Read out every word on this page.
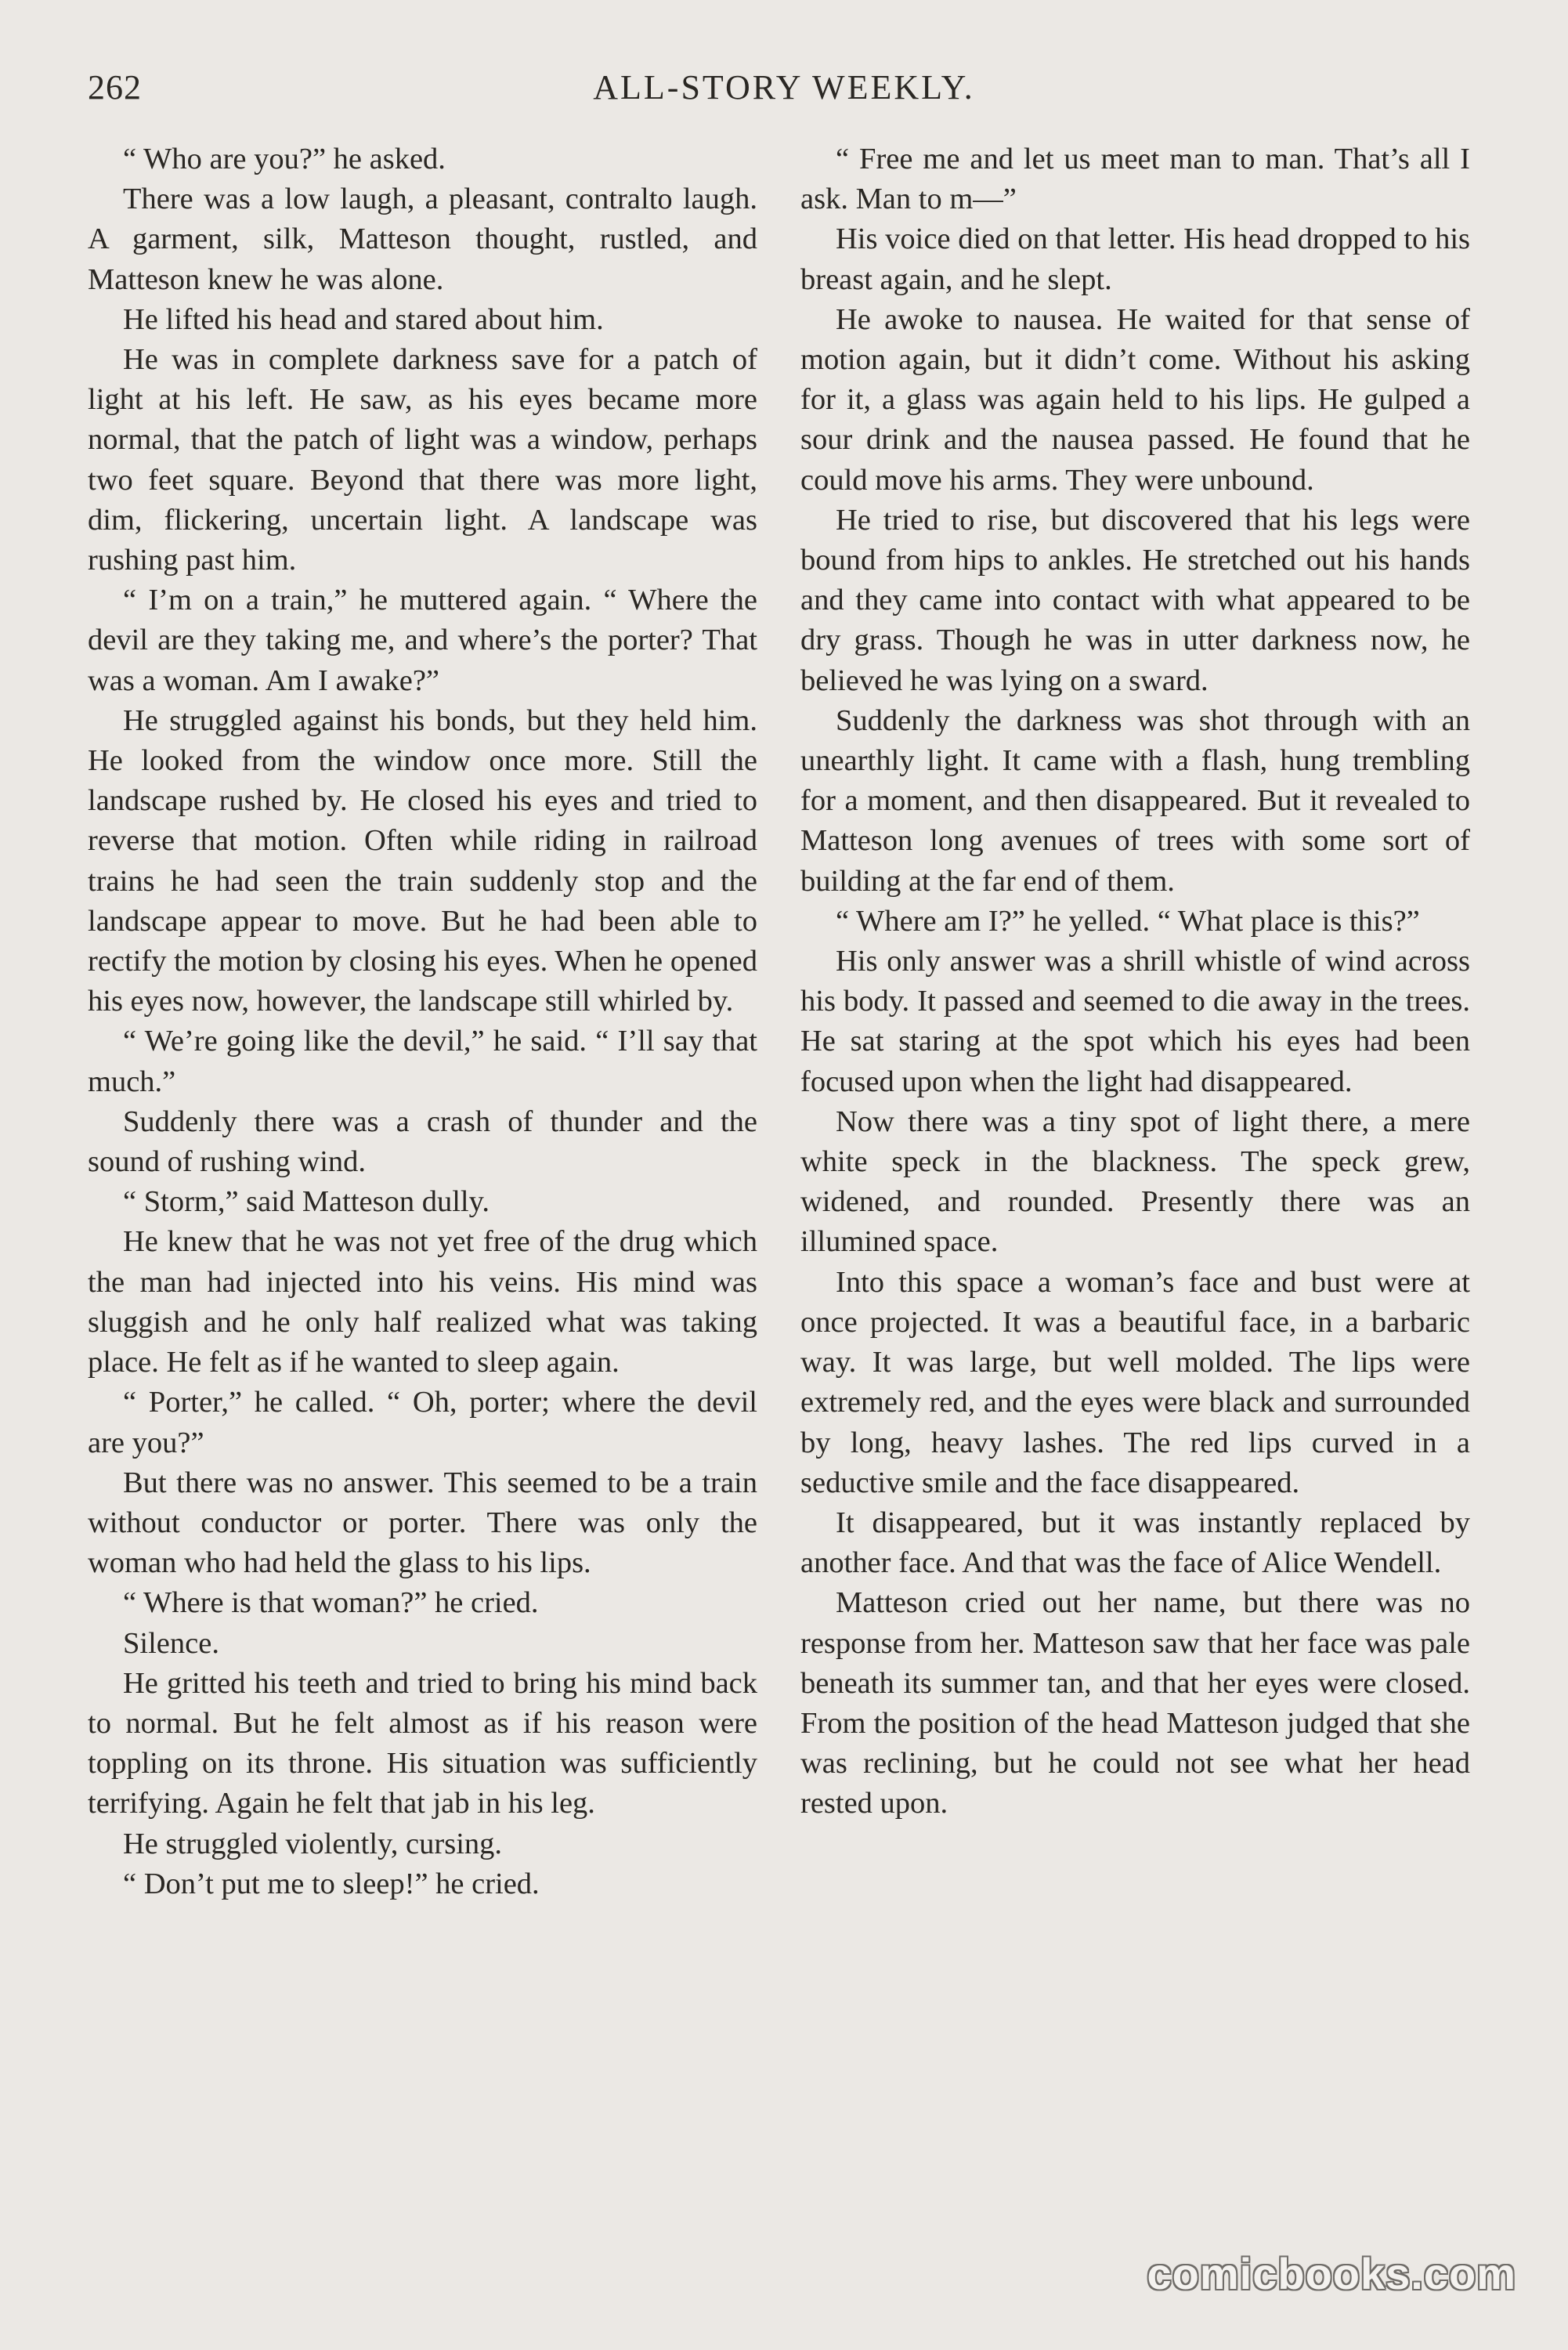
262	ALL-STORY WEEKLY.

“ Who are you?” he asked.

There was a low laugh, a pleasant, contralto laugh. A garment, silk, Matteson thought, rustled, and Matteson knew he was alone.

He lifted his head and stared about him.

He was in complete darkness save for a patch of light at his left. He saw, as his eyes became more normal, that the patch of light was a window, perhaps two feet square. Beyond that there was more light, dim, flickering, uncertain light. A landscape was rushing past him.

“ I’m on a train,” he muttered again. “ Where the devil are they taking me, and where’s the porter? That was a woman. Am I awake?”

He struggled against his bonds, but they held him. He looked from the window once more. Still the landscape rushed by. He closed his eyes and tried to reverse that motion. Often while riding in railroad trains he had seen the train suddenly stop and the landscape appear to move. But he had been able to rectify the motion by closing his eyes. When he opened his eyes now, however, the landscape still whirled by.

“ We’re going like the devil,” he said. “ I’ll say that much.”

Suddenly there was a crash of thunder and the sound of rushing wind.

“ Storm,” said Matteson dully.

He knew that he was not yet free of the drug which the man had injected into his veins. His mind was sluggish and he only half realized what was taking place. He felt as if he wanted to sleep again.

“ Porter,” he called. “ Oh, porter; where the devil are you?”

But there was no answer. This seemed to be a train without conductor or porter. There was only the woman who had held the glass to his lips.

“ Where is that woman?” he cried.

Silence.

He gritted his teeth and tried to bring his mind back to normal. But he felt almost as if his reason were toppling on its throne. His situation was sufficiently terrifying. Again he felt that jab in his leg.

He struggled violently, cursing.

“ Don’t put me to sleep!” he cried.

“ Free me and let us meet man to man. That’s all I ask. Man to m—”

His voice died on that letter. His head dropped to his breast again, and he slept.

He awoke to nausea. He waited for that sense of motion again, but it didn’t come. Without his asking for it, a glass was again held to his lips. He gulped a sour drink and the nausea passed. He found that he could move his arms. They were unbound.

He tried to rise, but discovered that his legs were bound from hips to ankles. He stretched out his hands and they came into contact with what appeared to be dry grass. Though he was in utter darkness now, he believed he was lying on a sward.

Suddenly the darkness was shot through with an unearthly light. It came with a flash, hung trembling for a moment, and then disappeared. But it revealed to Matteson long avenues of trees with some sort of building at the far end of them.

“ Where am I?” he yelled. “ What place is this?”

His only answer was a shrill whistle of wind across his body. It passed and seemed to die away in the trees. He sat staring at the spot which his eyes had been focused upon when the light had disappeared.

Now there was a tiny spot of light there, a mere white speck in the blackness. The speck grew, widened, and rounded. Presently there was an illumined space.

Into this space a woman’s face and bust were at once projected. It was a beautiful face, in a barbaric way. It was large, but well molded. The lips were extremely red, and the eyes were black and surrounded by long, heavy lashes. The red lips curved in a seductive smile and the face disappeared.

It disappeared, but it was instantly replaced by another face. And that was the face of Alice Wendell.

Matteson cried out her name, but there was no response from her. Matteson saw that her face was pale beneath its summer tan, and that her eyes were closed. From the position of the head Matteson judged that she was reclining, but he could not see what her head rested upon.

comicbooks.com
